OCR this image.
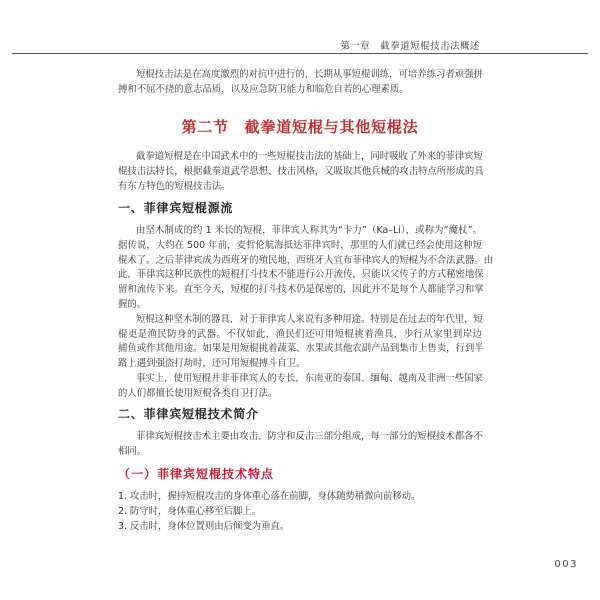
第一章　截拳道短棍技击法概述
短棍技击法是在高度激烈的对抗中进行的，长期从事短棍训练，可培养练习者顽强拼
搏和不屈不挠的意志品质，以及应急防卫能力和临危自若的心理素质。
第二节　截拳道短棍与其他短棍法
截拳道短棍是在中国武术中的一些短棍技击法的基础上，同时吸收了外来的菲律宾短
棍技击法特长，根据截拳道武学思想、技击风格，又吸取其他兵械的攻击特点所形成的具
有东方特色的短棍技击法。
一、菲律宾短棍源流
由坚木制成的约 1 米长的短棍，菲律宾人称其为“卡力”（Ka–Li），或称为“魔杖”。
据传说，大约在 500 年前，麦哲伦航海抵达菲律宾时，那里的人们就已经会使用这种短
棍术了。之后菲律宾成为西班牙的殖民地，西班牙人宣布菲律宾人的短棍为不合法武器。由
此，菲律宾这种民族性的短棍打斗技术不能进行公开流传，只能以父传子的方式秘密地保
留和流传下来。直至今天，短棍的打斗技术仍是保密的，因此并不是每个人都能学习和掌
握的。
短棍这种坚木制的器具，对于菲律宾人来说有多种用途。特别是在过去的年代里，短
棍更是渔民防身的武器。不仅如此，渔民们还可用短棍挑着渔具，步行从家里到岸边
捕鱼或作其他用途。如果是用短棍挑着蔬菜、水果或其他农副产品到集市上售卖，行到半
路上遇到强盗打劫时，还可用短棍搏斗自卫。
事实上，使用短棍并非菲律宾人的专长，东南亚的泰国、缅甸、越南及非洲一些国家
的人们都擅长使用短棍各类自卫打法。
二、菲律宾短棍技术简介
菲律宾短棍技击术主要由攻击、防守和反击三部分组成，每一部分的短棍技术都各不
相同。
（一）菲律宾短棍技术特点
1. 攻击时，握持短棍攻击的身体重心落在前脚，身体随势稍微向前移动。
2. 防守时，身体重心移至后脚上。
3. 反击时，身体位置则由后倾变为垂直。
003
